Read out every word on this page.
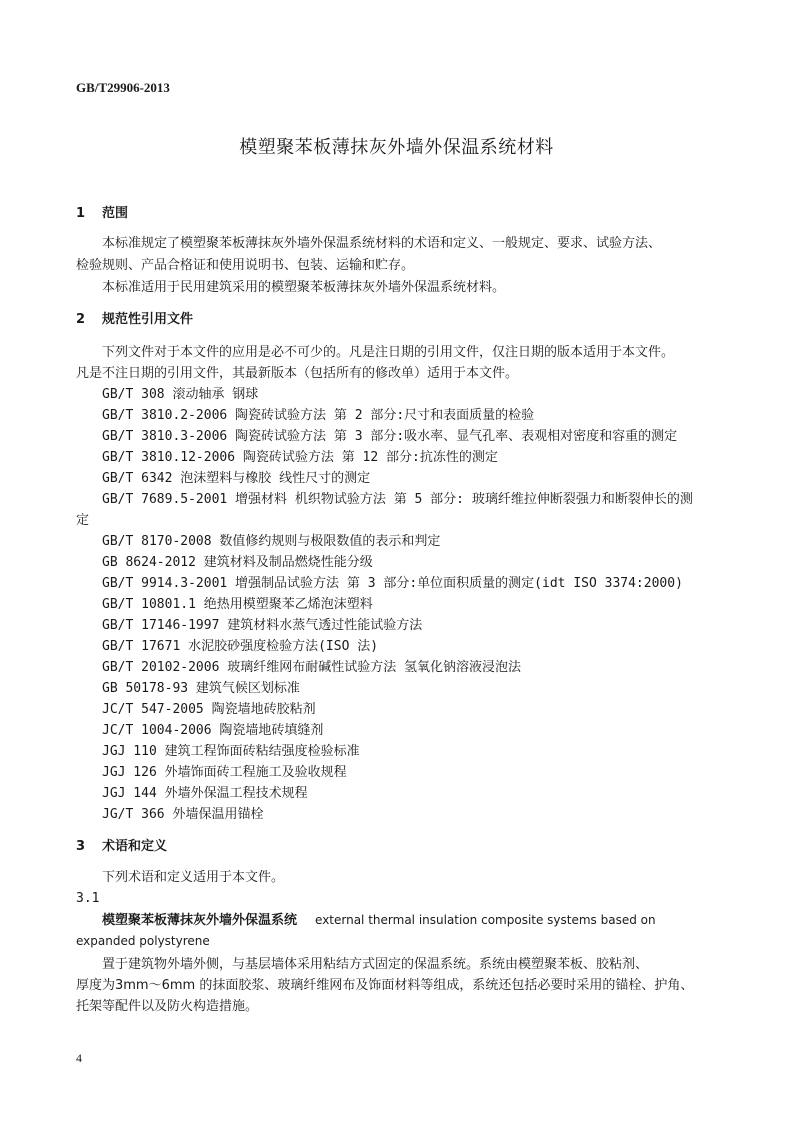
GB/T29906-2013
模塑聚苯板薄抹灰外墙外保温系统材料
1 范围
本标准规定了模塑聚苯板薄抹灰外墙外保温系统材料的术语和定义、一般规定、要求、试验方法、
检验规则、产品合格证和使用说明书、包装、运输和贮存。
本标准适用于民用建筑采用的模塑聚苯板薄抹灰外墙外保温系统材料。
2 规范性引用文件
下列文件对于本文件的应用是必不可少的。凡是注日期的引用文件，仅注日期的版本适用于本文件。
凡是不注日期的引用文件，其最新版本（包括所有的修改单）适用于本文件。
GB/T 308 滚动轴承 钢球
GB/T 3810.2-2006 陶瓷砖试验方法 第 2 部分:尺寸和表面质量的检验
GB/T 3810.3-2006 陶瓷砖试验方法 第 3 部分:吸水率、显气孔率、表观相对密度和容重的测定
GB/T 3810.12-2006 陶瓷砖试验方法 第 12 部分:抗冻性的测定
GB/T 6342 泡沫塑料与橡胶 线性尺寸的测定
GB/T 7689.5-2001 增强材料 机织物试验方法 第 5 部分: 玻璃纤维拉伸断裂强力和断裂伸长的测
定
GB/T 8170-2008 数值修约规则与极限数值的表示和判定
GB 8624-2012 建筑材料及制品燃烧性能分级
GB/T 9914.3-2001 增强制品试验方法 第 3 部分:单位面积质量的测定(idt ISO 3374:2000)
GB/T 10801.1 绝热用模塑聚苯乙烯泡沫塑料
GB/T 17146-1997 建筑材料水蒸气透过性能试验方法
GB/T 17671 水泥胶砂强度检验方法(ISO 法)
GB/T 20102-2006 玻璃纤维网布耐碱性试验方法 氢氧化钠溶液浸泡法
GB 50178-93 建筑气候区划标准
JC/T 547-2005 陶瓷墙地砖胶粘剂
JC/T 1004-2006 陶瓷墙地砖填缝剂
JGJ 110 建筑工程饰面砖粘结强度检验标准
JGJ 126 外墙饰面砖工程施工及验收规程
JGJ 144 外墙外保温工程技术规程
JG/T 366 外墙保温用锚栓
3 术语和定义
下列术语和定义适用于本文件。
3.1
模塑聚苯板薄抹灰外墙外保温系统 external thermal insulation composite systems based on
expanded polystyrene
置于建筑物外墙外侧，与基层墙体采用粘结方式固定的保温系统。系统由模塑聚苯板、胶粘剂、
厚度为3mm～6mm 的抹面胶浆、玻璃纤维网布及饰面材料等组成，系统还包括必要时采用的锚栓、护角、
托架等配件以及防火构造措施。
4
